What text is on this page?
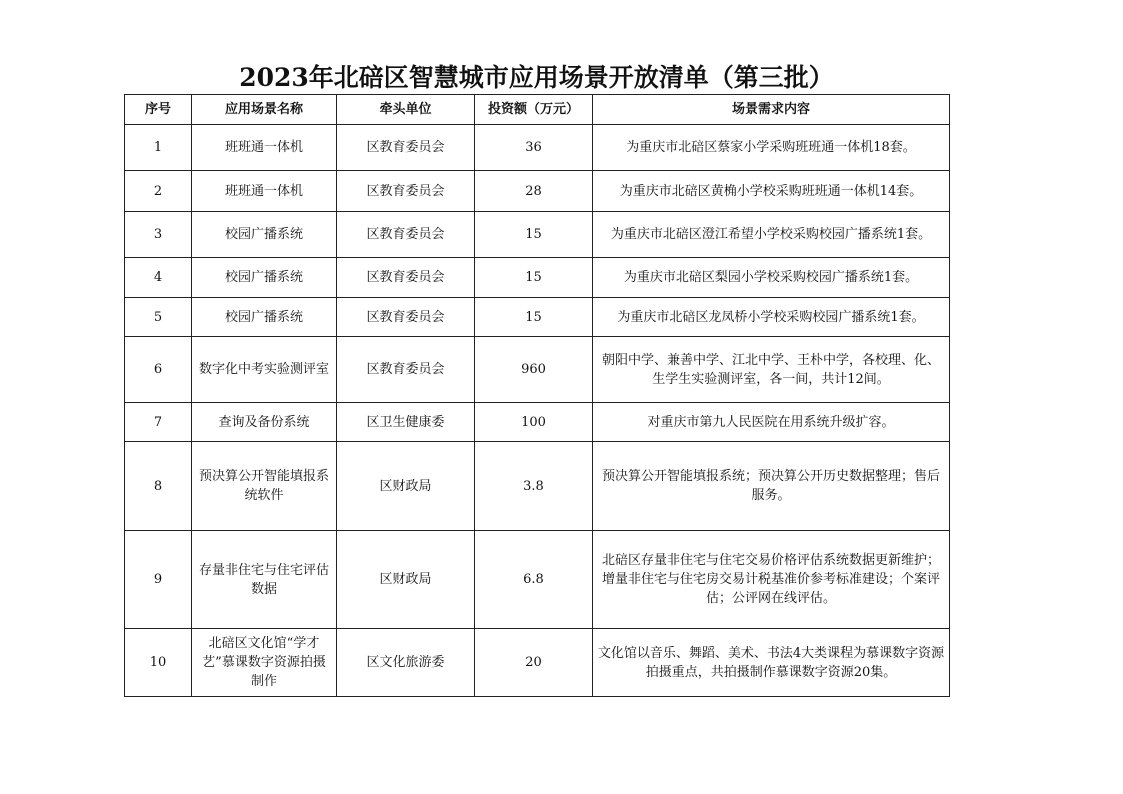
2023年北碚区智慧城市应用场景开放清单（第三批）
序号	应用场景名称	牵头单位	投资额（万元）	场景需求内容
1	班班通一体机	区教育委员会	36	为重庆市北碚区蔡家小学采购班班通一体机18套。
2	班班通一体机	区教育委员会	28	为重庆市北碚区黄桷小学校采购班班通一体机14套。
3	校园广播系统	区教育委员会	15	为重庆市北碚区澄江希望小学校采购校园广播系统1套。
4	校园广播系统	区教育委员会	15	为重庆市北碚区梨园小学校采购校园广播系统1套。
5	校园广播系统	区教育委员会	15	为重庆市北碚区龙凤桥小学校采购校园广播系统1套。
6	数字化中考实验测评室	区教育委员会	960	朝阳中学、兼善中学、江北中学、王朴中学，各校理、化、生学生实验测评室，各一间，共计12间。
7	查询及备份系统	区卫生健康委	100	对重庆市第九人民医院在用系统升级扩容。
8	预决算公开智能填报系统软件	区财政局	3.8	预决算公开智能填报系统；预决算公开历史数据整理；售后服务。
9	存量非住宅与住宅评估数据	区财政局	6.8	北碚区存量非住宅与住宅交易价格评估系统数据更新维护；增量非住宅与住宅房交易计税基准价参考标准建设；个案评估；公评网在线评估。
10	北碚区文化馆“学才艺”慕课数字资源拍摄制作	区文化旅游委	20	文化馆以音乐、舞蹈、美术、书法4大类课程为慕课数字资源拍摄重点，共拍摄制作慕课数字资源20集。
